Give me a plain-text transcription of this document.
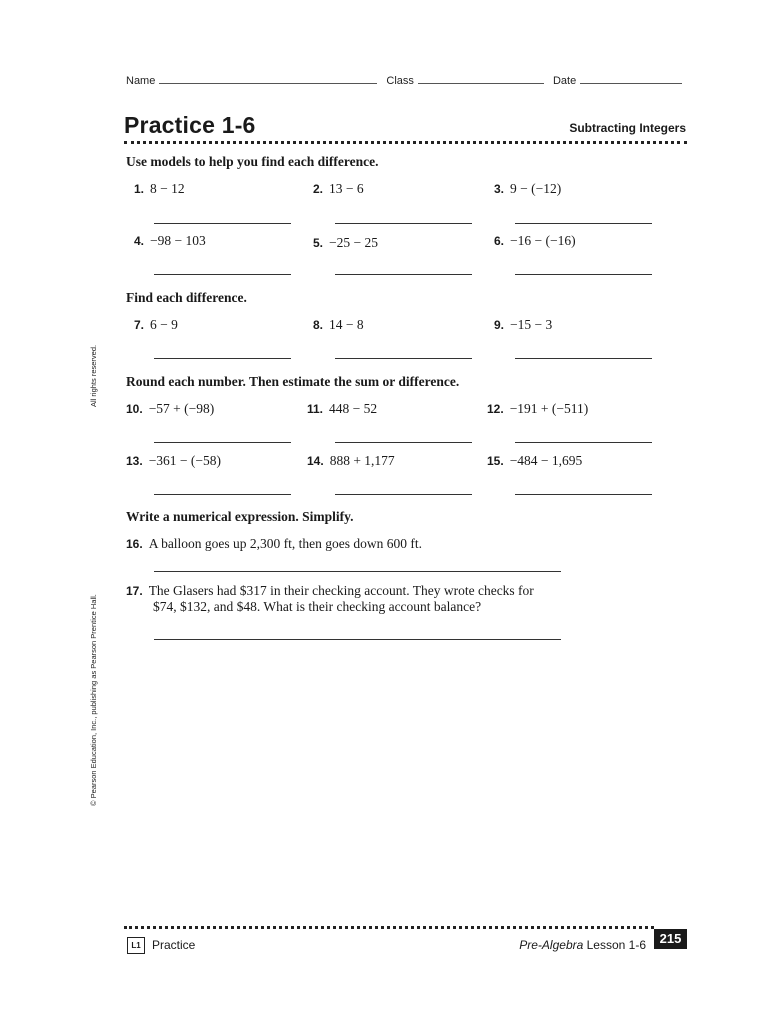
Name	Class	Date
Practice 1-6	Subtracting Integers
Use models to help you find each difference.
1. 8 − 12	2. 13 − 6	3. 9 − (−12)
4. −98 − 103	5. −25 − 25	6. −16 − (−16)
Find each difference.
7. 6 − 9	8. 14 − 8	9. −15 − 3
Round each number. Then estimate the sum or difference.
10. −57 + (−98)	11. 448 − 52	12. −191 + (−511)
13. −361 − (−58)	14. 888 + 1,177	15. −484 − 1,695
Write a numerical expression. Simplify.
16. A balloon goes up 2,300 ft, then goes down 600 ft.
17. The Glasers had $317 in their checking account. They wrote checks for
$74, $132, and $48. What is their checking account balance?
All rights reserved.
© Pearson Education, Inc., publishing as Pearson Prentice Hall.
L1 Practice	Pre-Algebra Lesson 1-6	215
